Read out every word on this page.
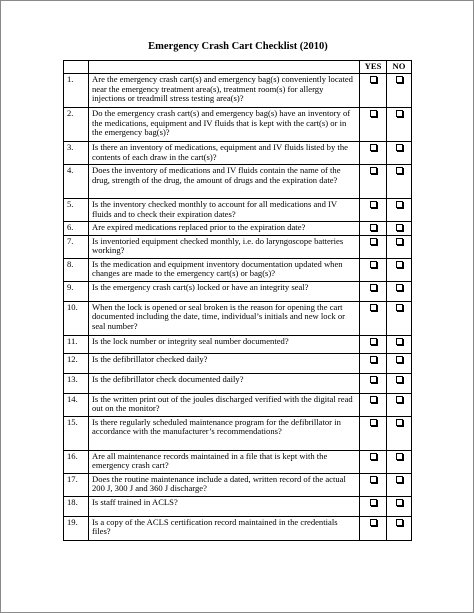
Emergency Crash Cart Checklist (2010)
		YES	NO
1.	Are the emergency crash cart(s) and emergency bag(s) conveniently located near the emergency treatment area(s), treatment room(s) for allergy injections or treadmill stress testing area(s)?		
2.	Do the emergency crash cart(s) and emergency bag(s) have an inventory of the medications, equipment and IV fluids that is kept with the cart(s) or in the emergency bag(s)?		
3.	Is there an inventory of medications, equipment and IV fluids listed by the contents of each draw in the cart(s)?		
4.	Does the inventory of medications and IV fluids contain the name of the drug, strength of the drug, the amount of drugs and the expiration date?		
5.	Is the inventory checked monthly to account for all medications and IV fluids and to check their expiration dates?		
6.	Are expired medications replaced prior to the expiration date?		
7.	Is inventoried equipment checked monthly, i.e. do laryngoscope batteries working?		
8.	Is the medication and equipment inventory documentation updated when changes are made to the emergency cart(s) or bag(s)?		
9.	Is the emergency crash cart(s) locked or have an integrity seal?		
10.	When the lock is opened or seal broken is the reason for opening the cart documented including the date, time, individual’s initials and new lock or seal number?		
11.	Is the lock number or integrity seal number documented?		
12.	Is the defibrillator checked daily?		
13.	Is the defibrillator check documented daily?		
14.	Is the written print out of the joules discharged verified with the digital read out on the monitor?		
15.	Is there regularly scheduled maintenance program for the defibrillator in accordance with the manufacturer’s recommendations?		
16.	Are all maintenance records maintained in a file that is kept with the emergency crash cart?		
17.	Does the routine maintenance include a dated, written record of the actual 200 J, 300 J and 360 J discharge?		
18.	Is staff trained in ACLS?		
19.	Is a copy of the ACLS certification record maintained in the credentials files?		
